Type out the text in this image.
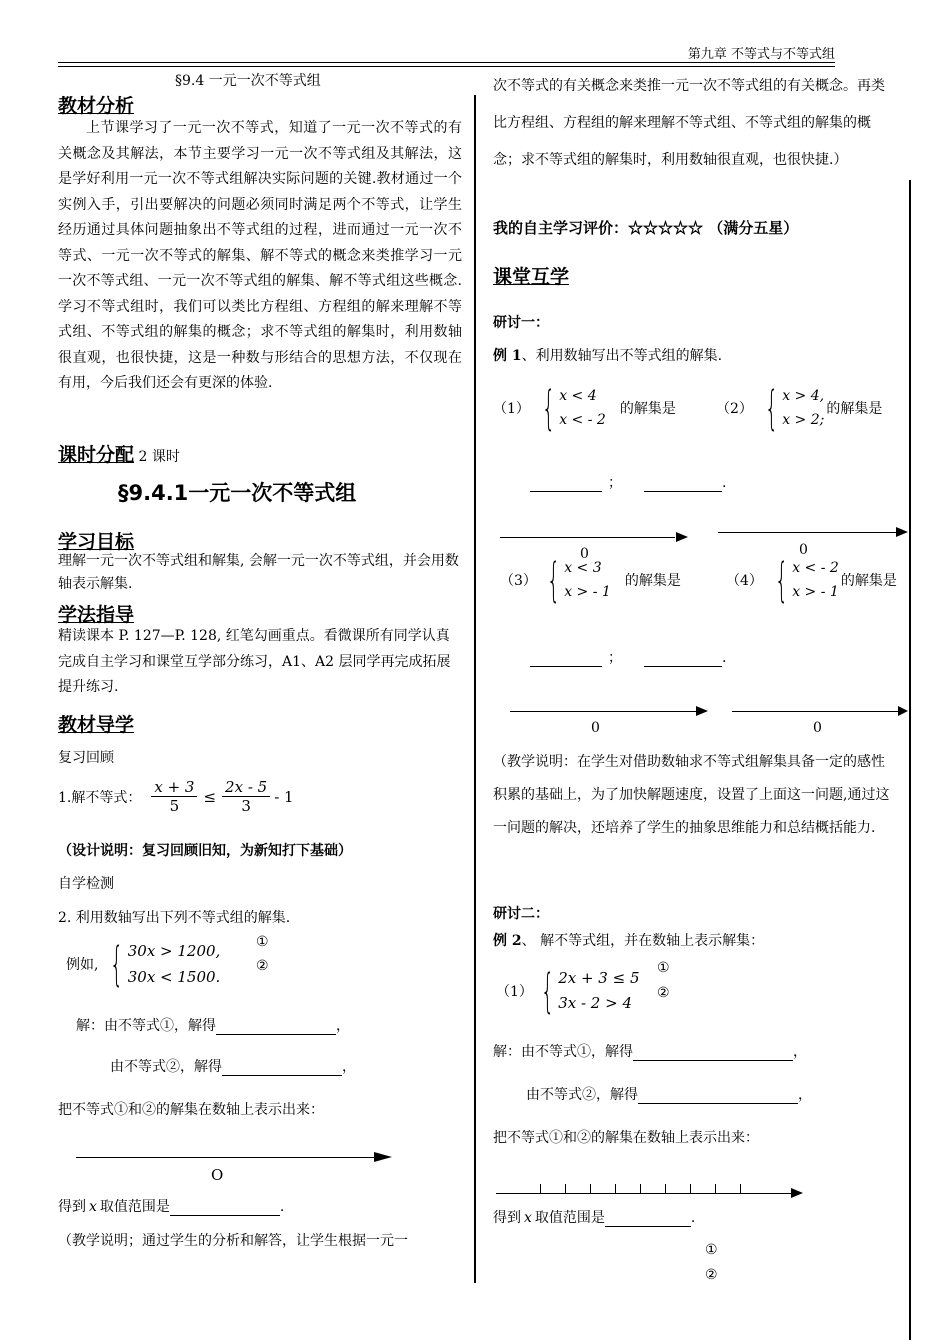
第九章 不等式与不等式组
§9.4 一元一次不等式组
教材分析
上节课学习了一元一次不等式，知道了一元一次不等式的有关概念及其解法，本节主要学习一元一次不等式组及其解法，这是学好利用一元一次不等式组解决实际问题的关键.教材通过一个实例入手，引出要解决的问题必须同时满足两个不等式，让学生经历通过具体问题抽象出不等式组的过程，进而通过一元一次不等式、一元一次不等式的解集、解不等式的概念来类推学习一元一次不等式组、一元一次不等式组的解集、解不等式组这些概念.学习不等式组时，我们可以类比方程组、方程组的解来理解不等式组、不等式组的解集的概念；求不等式组的解集时，利用数轴很直观，也很快捷，这是一种数与形结合的思想方法，不仅现在有用，今后我们还会有更深的体验.
课时分配 2 课时
§9.4.1一元一次不等式组
学习目标
理解一元一次不等式组和解集, 会解一元一次不等式组，并会用数轴表示解集.
学法指导
精读课本 P. 127—P. 128, 红笔勾画重点。看微课所有同学认真完成自主学习和课堂互学部分练习，A1、A2 层同学再完成拓展提升练习.
教材导学
复习回顾
1.解不等式： $\frac{x + 3}{5} \le \frac{2x - 5}{3} - 1$
（设计说明：复习回顾旧知，为新知打下基础）
自学检测
2. 利用数轴写出下列不等式组的解集.
例如, { 30x > 1200,
30x < 1500.
①
②
解：由不等式①，解得	，
由不等式②，解得	，
把不等式①和②的解集在数轴上表示出来：
O
得到 x 取值范围是	.
（教学说明；通过学生的分析和解答，让学生根据一元一
次不等式的有关概念来类推一元一次不等式组的有关概念。再类比方程组、方程组的解来理解不等式组、不等式组的解集的概念；求不等式组的解集时，利用数轴很直观，也很快捷.）
我的自主学习评价：☆☆☆☆☆ （满分五星）
课堂互学
研讨一：
例 1、利用数轴写出不等式组的解集.
（1） { x < 4
x < - 2
的解集是	（2） { x > 4,
x > 2;
的解集是
；	.
0	0
（3） { x < 3
x > - 1
的解集是	（4） { x < - 2
x > - 1
的解集是
；	.
0	0
（教学说明：在学生对借助数轴求不等式组解集具备一定的感性积累的基础上，为了加快解题速度，设置了上面这一问题,通过这一问题的解决，还培养了学生的抽象思维能力和总结概括能力.
研讨二：
例 2、 解不等式组，并在数轴上表示解集：
（1） { 2x + 3 ≤ 5
3x - 2 > 4
①
②
解：由不等式①，解得	，
由不等式②，解得	，
把不等式①和②的解集在数轴上表示出来：
得到 x 取值范围是	.
①
②
